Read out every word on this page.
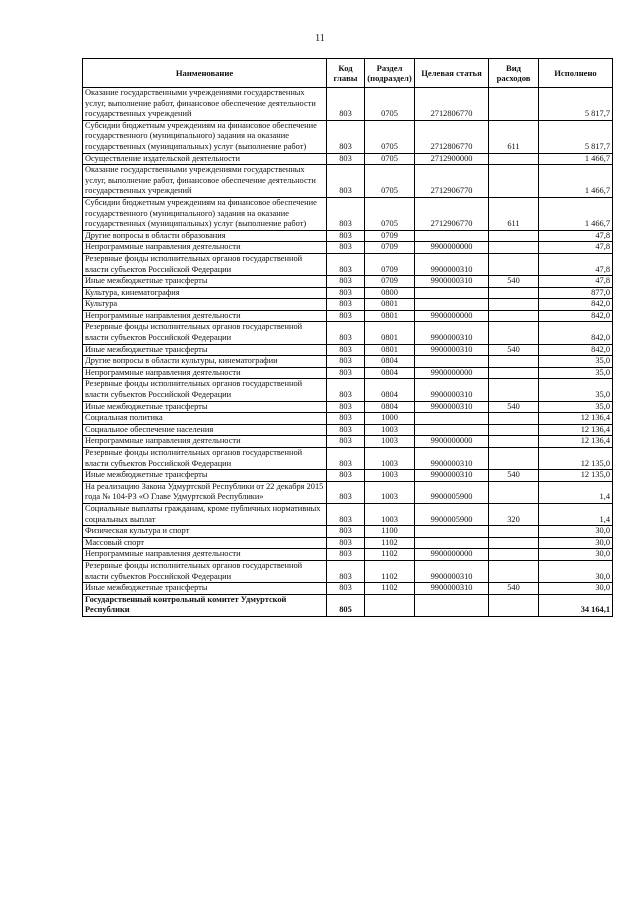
11
Наименование	Код главы	Раздел (подраздел)	Целевая статья	Вид расходов	Исполнено
Оказание государственными учреждениями государственных услуг, выполнение работ, финансовое обеспечение деятельности государственных учреждений	803	0705	2712806770		5 817,7
Субсидии бюджетным учреждениям на финансовое обеспечение государственного (муниципального) задания на оказание государственных (муниципальных) услуг (выполнение работ)	803	0705	2712806770	611	5 817,7
Осуществление издательской деятельности	803	0705	2712900000		1 466,7
Оказание государственными учреждениями государственных услуг, выполнение работ, финансовое обеспечение деятельности государственных учреждений	803	0705	2712906770		1 466,7
Субсидии бюджетным учреждениям на финансовое обеспечение государственного (муниципального) задания на оказание государственных (муниципальных) услуг (выполнение работ)	803	0705	2712906770	611	1 466,7
Другие вопросы в области образования	803	0709			47,8
Непрограммные направления деятельности	803	0709	9900000000		47,8
Резервные фонды исполнительных органов государственной власти субъектов Российской Федерации	803	0709	9900000310		47,8
Иные межбюджетные трансферты	803	0709	9900000310	540	47,8
Культура, кинематография	803	0800			877,0
Культура	803	0801			842,0
Непрограммные направления деятельности	803	0801	9900000000		842,0
Резервные фонды исполнительных органов государственной власти субъектов Российской Федерации	803	0801	9900000310		842,0
Иные межбюджетные трансферты	803	0801	9900000310	540	842,0
Другие вопросы в области культуры, кинематографии	803	0804			35,0
Непрограммные направления деятельности	803	0804	9900000000		35,0
Резервные фонды исполнительных органов государственной власти субъектов Российской Федерации	803	0804	9900000310		35,0
Иные межбюджетные трансферты	803	0804	9900000310	540	35,0
Социальная политика	803	1000			12 136,4
Социальное обеспечение населения	803	1003			12 136,4
Непрограммные направления деятельности	803	1003	9900000000		12 136,4
Резервные фонды исполнительных органов государственной власти субъектов Российской Федерации	803	1003	9900000310		12 135,0
Иные межбюджетные трансферты	803	1003	9900000310	540	12 135,0
На реализацию Закона Удмуртской Республики от 22 декабря 2015 года № 104-РЗ «О Главе Удмуртской Республики»	803	1003	9900005900		1,4
Социальные выплаты гражданам, кроме публичных нормативных социальных выплат	803	1003	9900005900	320	1,4
Физическая культура и спорт	803	1100			30,0
Массовый спорт	803	1102			30,0
Непрограммные направления деятельности	803	1102	9900000000		30,0
Резервные фонды исполнительных органов государственной власти субъектов Российской Федерации	803	1102	9900000310		30,0
Иные межбюджетные трансферты	803	1102	9900000310	540	30,0
Государственный контрольный комитет Удмуртской Республики	805				34 164,1
